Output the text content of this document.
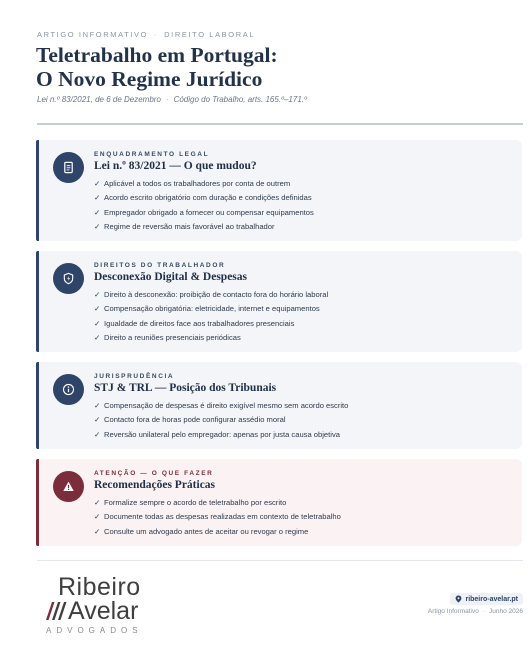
ARTIGO INFORMATIVO · DIREITO LABORAL
Teletrabalho em Portugal:
O Novo Regime Jurídico
Lei n.º 83/2021, de 6 de Dezembro · Código do Trabalho, arts. 165.º–171.º
ENQUADRAMENTO LEGAL
Lei n.º 83/2021 — O que mudou?
✓ Aplicável a todos os trabalhadores por conta de outrem
✓ Acordo escrito obrigatório com duração e condições definidas
✓ Empregador obrigado a fornecer ou compensar equipamentos
✓ Regime de reversão mais favorável ao trabalhador
DIREITOS DO TRABALHADOR
Desconexão Digital & Despesas
✓ Direito à desconexão: proibição de contacto fora do horário laboral
✓ Compensação obrigatória: eletricidade, internet e equipamentos
✓ Igualdade de direitos face aos trabalhadores presenciais
✓ Direito a reuniões presenciais periódicas
JURISPRUDÊNCIA
STJ & TRL — Posição dos Tribunais
✓ Compensação de despesas é direito exigível mesmo sem acordo escrito
✓ Contacto fora de horas pode configurar assédio moral
✓ Reversão unilateral pelo empregador: apenas por justa causa objetiva
ATENÇÃO — O QUE FAZER
Recomendações Práticas
✓ Formalize sempre o acordo de teletrabalho por escrito
✓ Documente todas as despesas realizadas em contexto de teletrabalho
✓ Consulte um advogado antes de aceitar ou revogar o regime
Ribeiro
Avelar
ADVOGADOS
ribeiro-avelar.pt
Artigo Informativo · Junho 2026
